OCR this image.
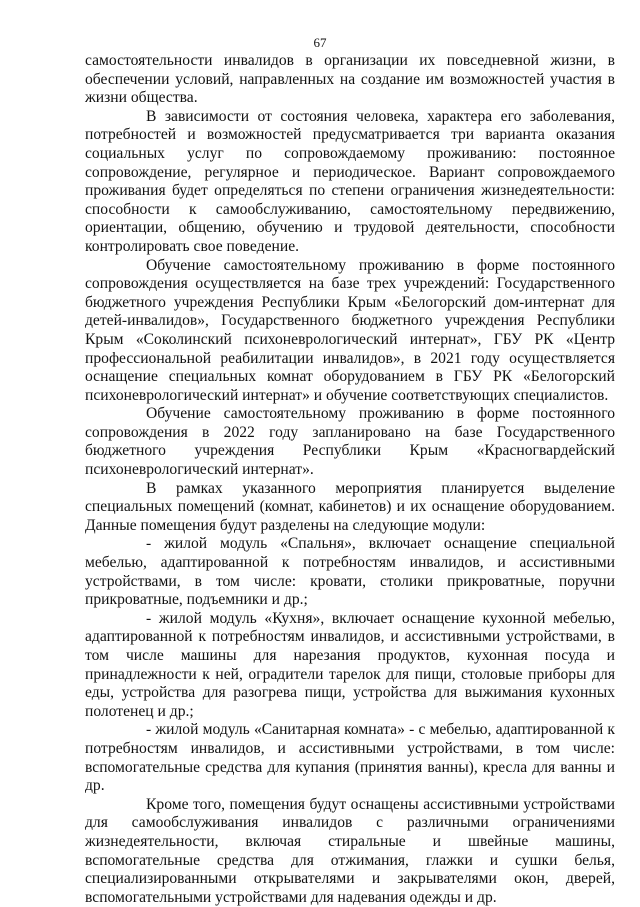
67

самостоятельности инвалидов в организации их повседневной жизни, в обеспечении условий, направленных на создание им возможностей участия в жизни общества.

В зависимости от состояния человека, характера его заболевания, потребностей и возможностей предусматривается три варианта оказания социальных услуг по сопровождаемому проживанию: постоянное сопровождение, регулярное и периодическое. Вариант сопровождаемого проживания будет определяться по степени ограничения жизнедеятельности: способности к самообслуживанию, самостоятельному передвижению, ориентации, общению, обучению и трудовой деятельности, способности контролировать свое поведение.

Обучение самостоятельному проживанию в форме постоянного сопровождения осуществляется на базе трех учреждений: Государственного бюджетного учреждения Республики Крым «Белогорский дом-интернат для детей-инвалидов», Государственного бюджетного учреждения Республики Крым «Соколинский психоневрологический интернат», ГБУ РК «Центр профессиональной реабилитации инвалидов», в 2021 году осуществляется оснащение специальных комнат оборудованием в ГБУ РК «Белогорский психоневрологический интернат» и обучение соответствующих специалистов.

Обучение самостоятельному проживанию в форме постоянного сопровождения в 2022 году запланировано на базе Государственного бюджетного учреждения Республики Крым «Красногвардейский психоневрологический интернат».

В рамках указанного мероприятия планируется выделение специальных помещений (комнат, кабинетов) и их оснащение оборудованием. Данные помещения будут разделены на следующие модули:

- жилой модуль «Спальня», включает оснащение специальной мебелью, адаптированной к потребностям инвалидов, и ассистивными устройствами, в том числе: кровати, столики прикроватные, поручни прикроватные, подъемники и др.;

- жилой модуль «Кухня», включает оснащение кухонной мебелью, адаптированной к потребностям инвалидов, и ассистивными устройствами, в том числе машины для нарезания продуктов, кухонная посуда и принадлежности к ней, оградители тарелок для пищи, столовые приборы для еды, устройства для разогрева пищи, устройства для выжимания кухонных полотенец и др.;

- жилой модуль «Санитарная комната» - с мебелью, адаптированной к потребностям инвалидов, и ассистивными устройствами, в том числе: вспомогательные средства для купания (принятия ванны), кресла для ванны и др.

Кроме того, помещения будут оснащены ассистивными устройствами для самообслуживания инвалидов с различными ограничениями жизнедеятельности, включая стиральные и швейные машины, вспомогательные средства для отжимания, глажки и сушки белья, специализированными открывателями и закрывателями окон, дверей, вспомогательными устройствами для надевания одежды и др.
